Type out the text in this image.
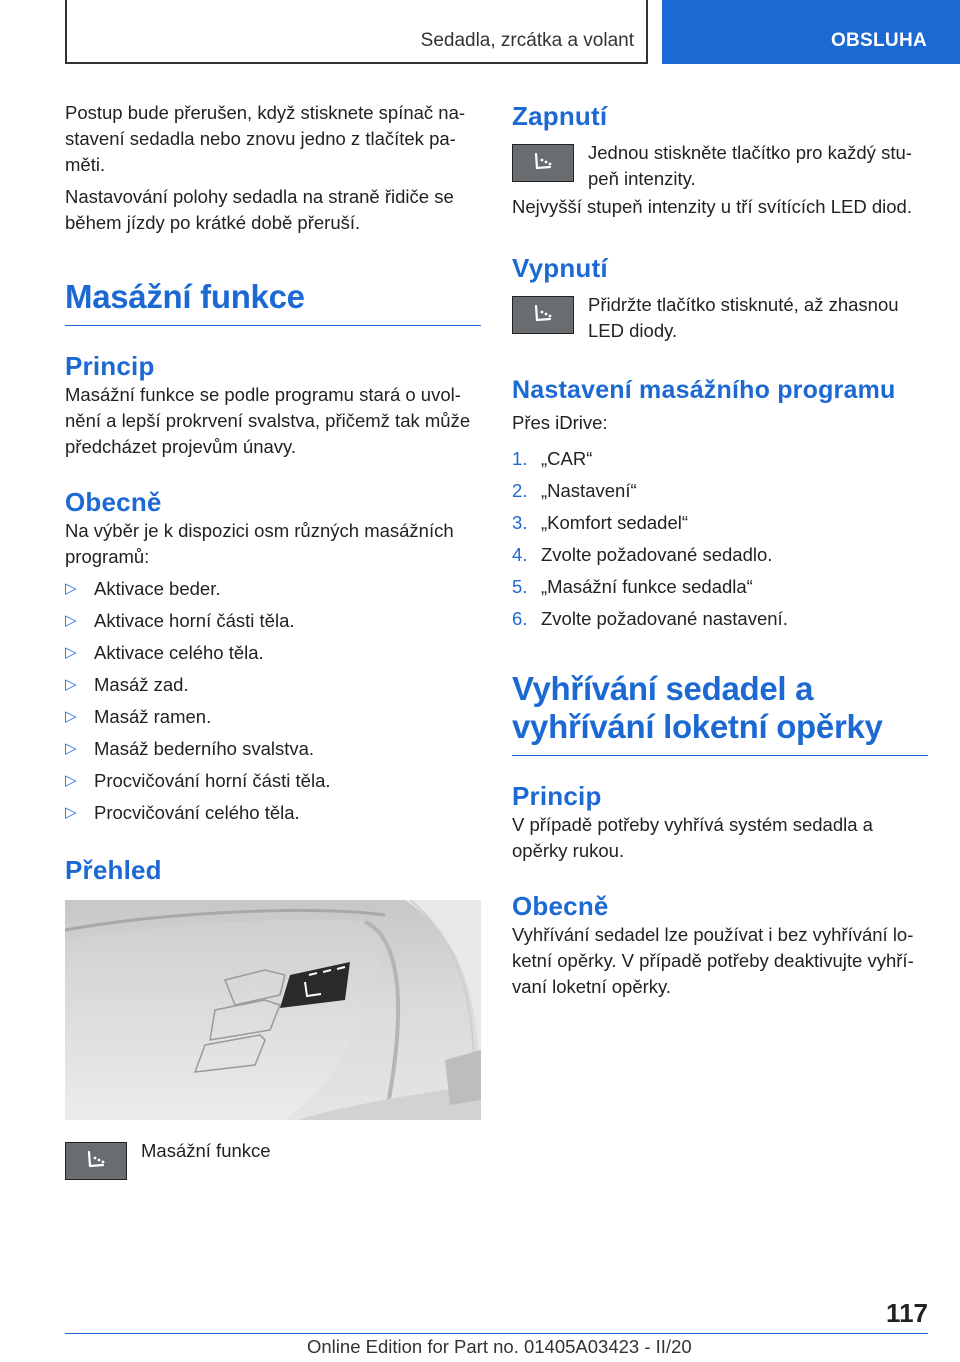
Sedadla, zrcátka a volant	OBSLUHA

Postup bude přerušen, když stisknete spínač na-stavení sedadla nebo znovu jedno z tlačítek pa-měti.

Nastavování polohy sedadla na straně řidiče se během jízdy po krátké době přeruší.

Masážní funkce
Princip

Masážní funkce se podle programu stará o uvol-nění a lepší prokrvení svalstva, přičemž tak může předcházet projevům únavy.

Obecně

Na výběr je k dispozici osm různých masážních programů:

▷ Aktivace beder.
▷ Aktivace horní části těla.
▷ Aktivace celého těla.
▷ Masáž zad.
▷ Masáž ramen.
▷ Masáž bederního svalstva.
▷ Procvičování horní části těla.
▷ Procvičování celého těla.
Přehled
Masážní funkce
Zapnutí
Jednou stiskněte tlačítko pro každý stu-peň intenzity.

Nejvyšší stupeň intenzity u tří svítících LED diod.

Vypnutí
Přidržte tlačítko stisknuté, až zhasnou LED diody.
Nastavení masážního programu

Přes iDrive:

1. „CAR“
2. „Nastavení“
3. „Komfort sedadel“
4. Zvolte požadované sedadlo.
5. „Masážní funkce sedadla“
6. Zvolte požadované nastavení.
Vyhřívání sedadel a vyhřívání loketní opěrky
Princip

V případě potřeby vyhřívá systém sedadla a opěrky rukou.

Obecně

Vyhřívání sedadel lze používat i bez vyhřívání lo-ketní opěrky. V případě potřeby deaktivujte vyhří-vaní loketní opěrky.

117
Online Edition for Part no. 01405A03423 - II/20
